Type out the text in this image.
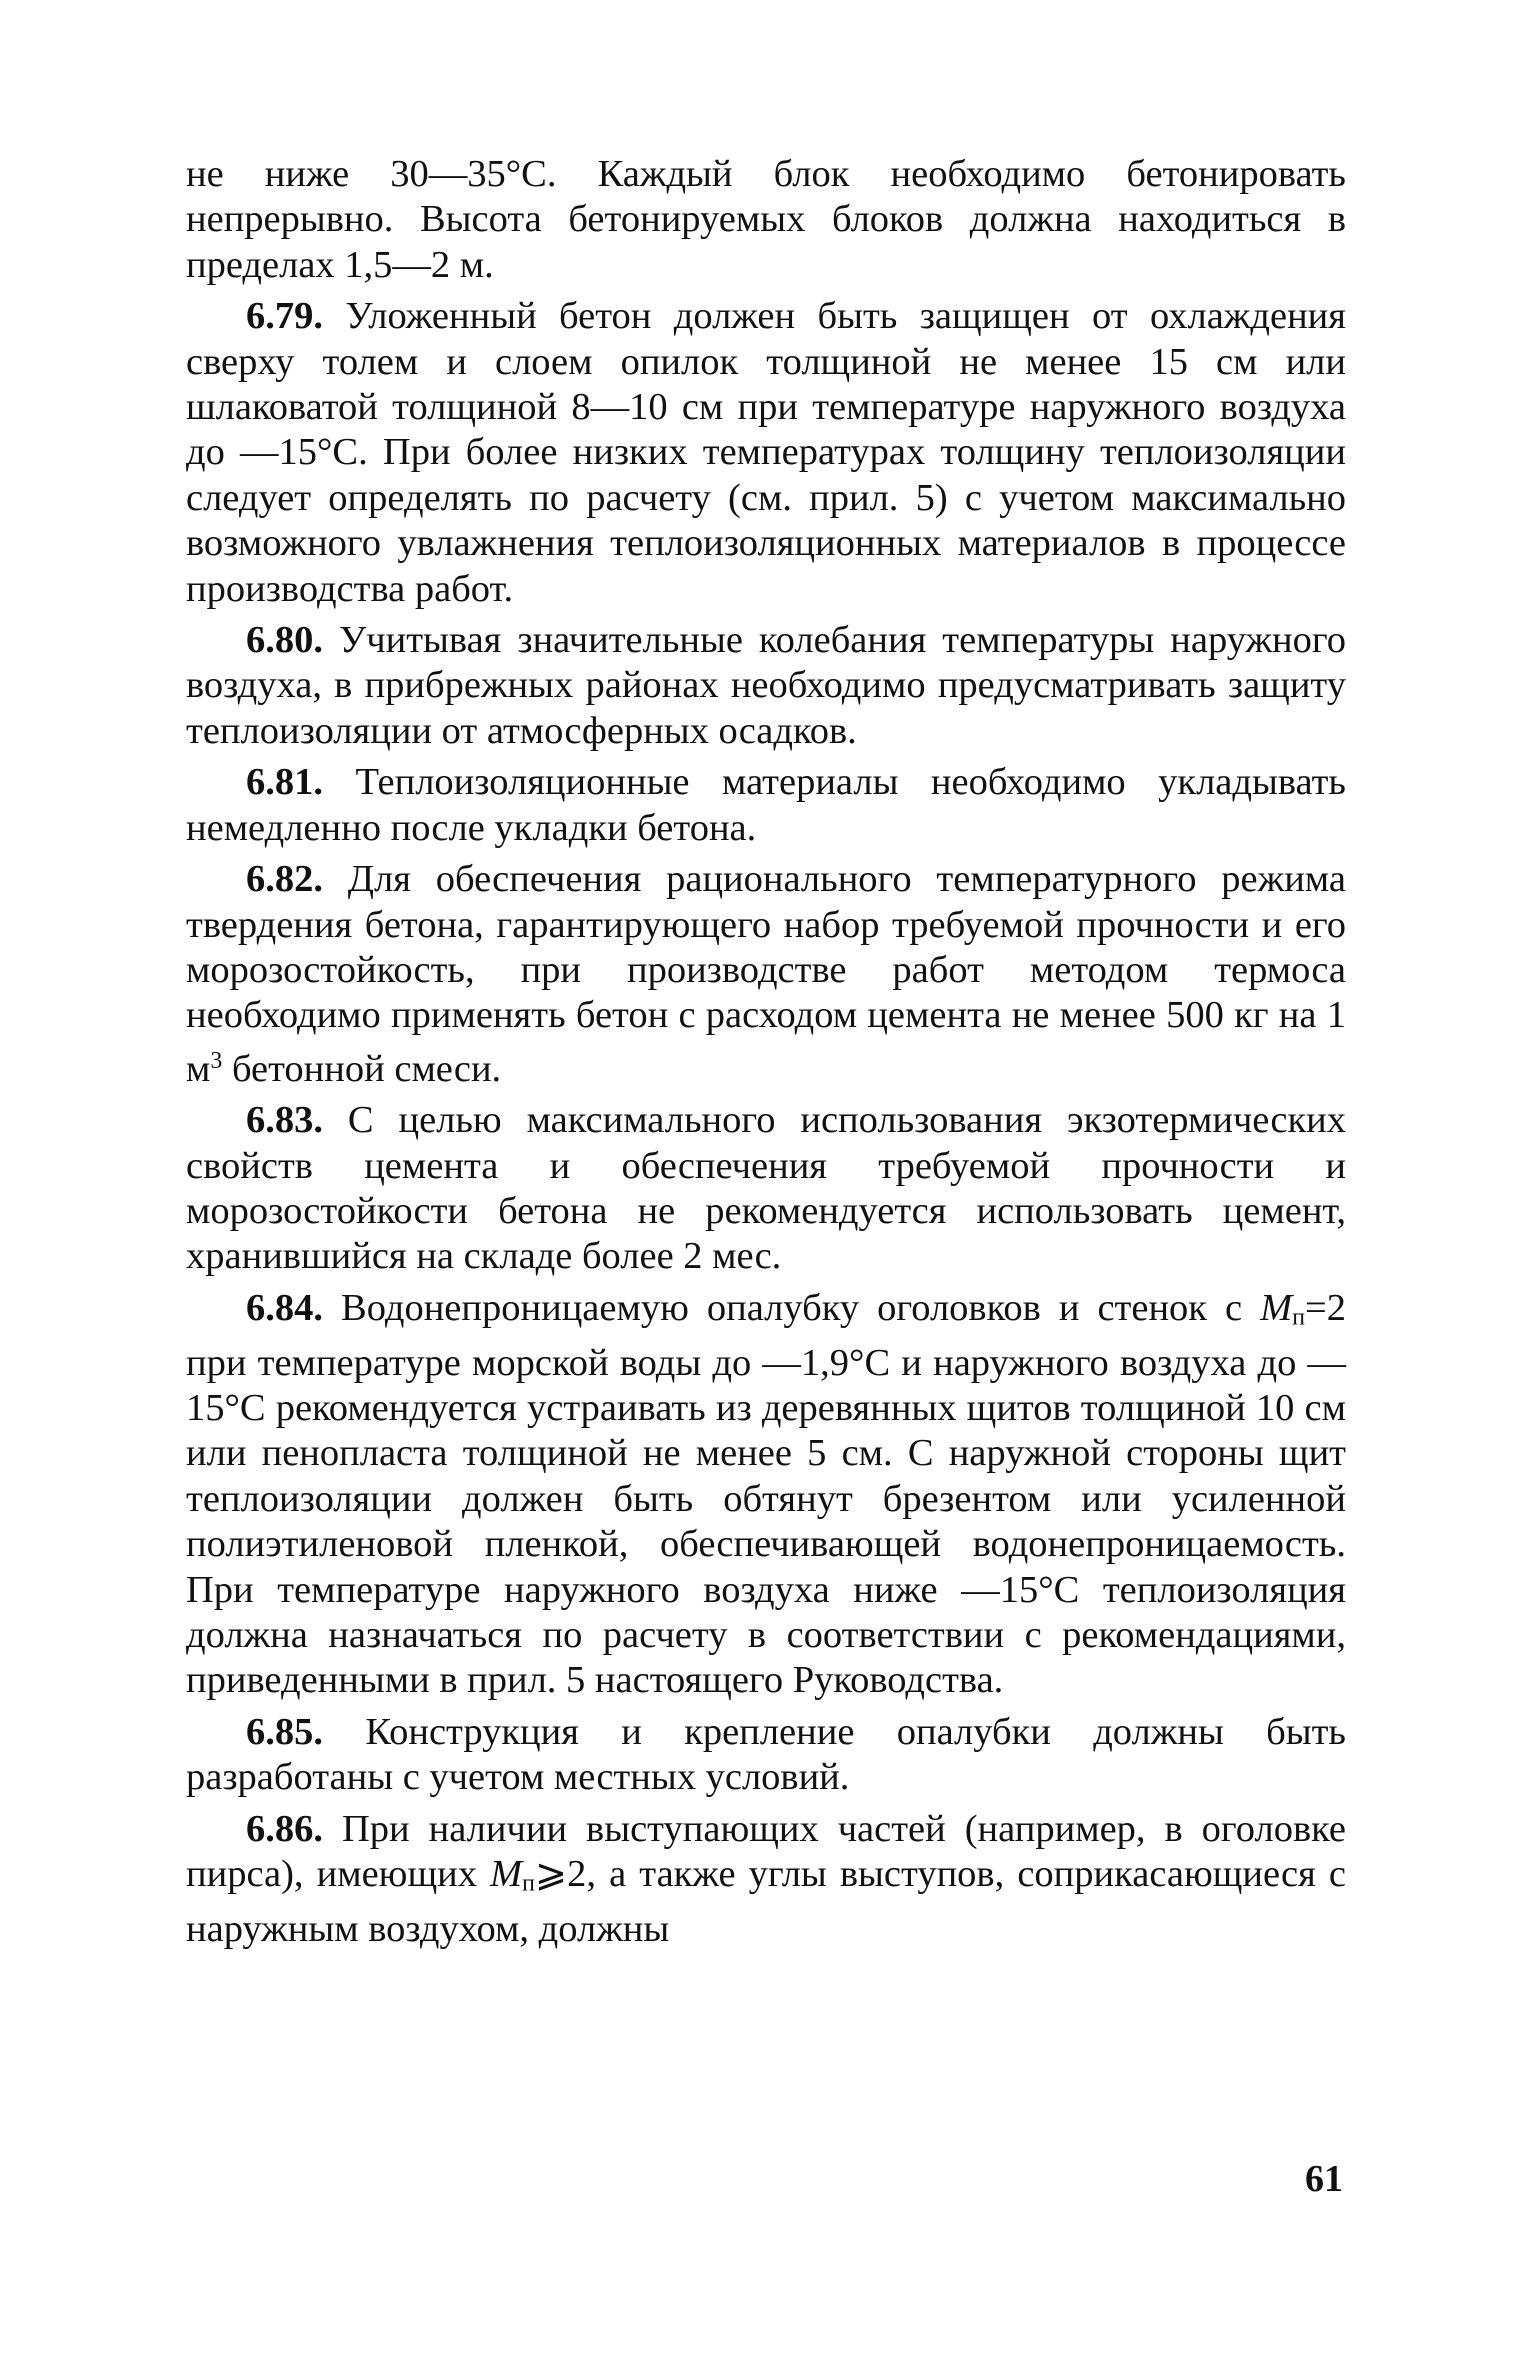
не ниже 30—35°С. Каждый блок необходимо бетонировать непрерывно. Высота бетонируемых блоков должна находиться в пределах 1,5—2 м.

6.79. Уложенный бетон должен быть защищен от охлаждения сверху толем и слоем опилок толщиной не менее 15 см или шлаковатой толщиной 8—10 см при температуре наружного воздуха до —15°С. При более низких температурах толщину теплоизоляции следует определять по расчету (см. прил. 5) с учетом максимально возможного увлажнения теплоизоляционных материалов в процессе производства работ.

6.80. Учитывая значительные колебания температуры наружного воздуха, в прибрежных районах необходимо предусматривать защиту теплоизоляции от атмосферных осадков.

6.81. Теплоизоляционные материалы необходимо укладывать немедленно после укладки бетона.

6.82. Для обеспечения рационального температурного режима твердения бетона, гарантирующего набор требуемой прочности и его морозостойкость, при производстве работ методом термоса необходимо применять бетон с расходом цемента не менее 500 кг на 1 $м^3$ бетонной смеси.

6.83. С целью максимального использования экзотермических свойств цемента и обеспечения требуемой прочности и морозостойкости бетона не рекомендуется использовать цемент, хранившийся на складе более 2 мес.

6.84. Водонепроницаемую опалубку оголовков и стенок с Мп=2 при температуре морской воды до —1,9°С и наружного воздуха до —15°С рекомендуется устраивать из деревянных щитов толщиной 10 см или пенопласта толщиной не менее 5 см. С наружной стороны щит теплоизоляции должен быть обтянут брезентом или усиленной полиэтиленовой пленкой, обеспечивающей водонепроницаемость. При температуре наружного воздуха ниже —15°С теплоизоляция должна назначаться по расчету в соответствии с рекомендациями, приведенными в прил. 5 настоящего Руководства.

6.85. Конструкция и крепление опалубки должны быть разработаны с учетом местных условий.

6.86. При наличии выступающих частей (например, в оголовке пирса), имеющих Мп⩾2, а также углы выступов, соприкасающиеся с наружным воздухом, должны

61
